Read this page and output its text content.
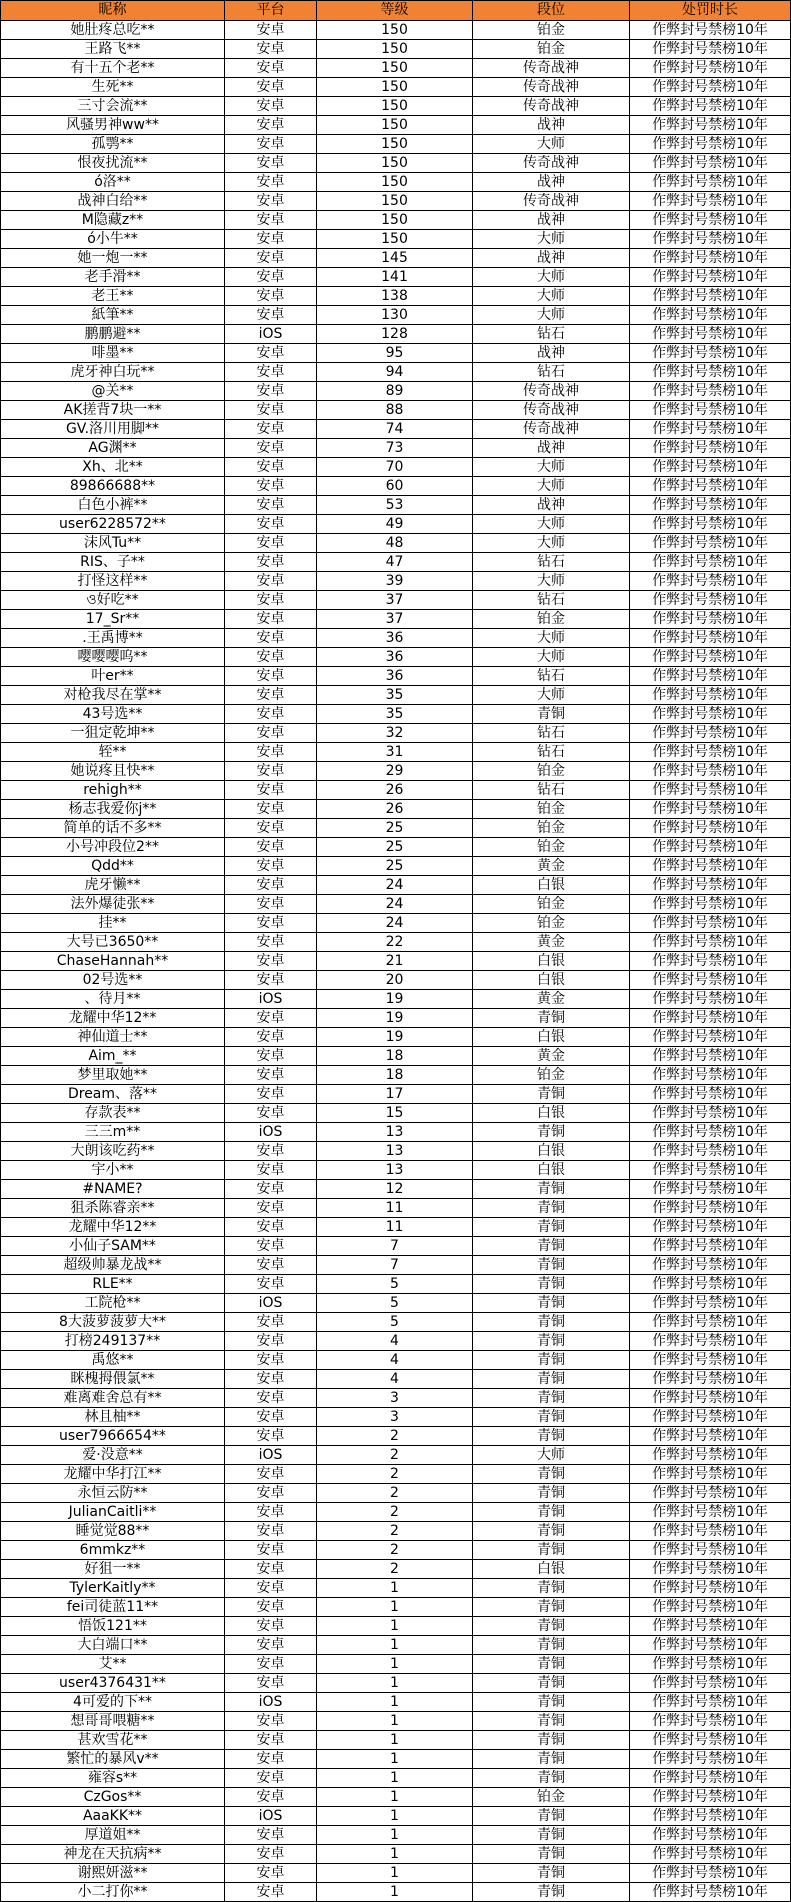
昵称	平台	等级	段位	处罚时长
她肚疼总吃**	安卓	150	铂金	作弊封号禁榜10年
王路飞**	安卓	150	铂金	作弊封号禁榜10年
有十五个老**	安卓	150	传奇战神	作弊封号禁榜10年
生死**	安卓	150	传奇战神	作弊封号禁榜10年
三寸会流**	安卓	150	传奇战神	作弊封号禁榜10年
风骚男神ww**	安卓	150	战神	作弊封号禁榜10年
孤鹗**	安卓	150	大师	作弊封号禁榜10年
恨夜扰流**	安卓	150	传奇战神	作弊封号禁榜10年
ó洛**	安卓	150	战神	作弊封号禁榜10年
战神白给**	安卓	150	传奇战神	作弊封号禁榜10年
M隐藏z**	安卓	150	战神	作弊封号禁榜10年
ó小牛**	安卓	150	大师	作弊封号禁榜10年
她一炮一**	安卓	145	战神	作弊封号禁榜10年
老手滑**	安卓	141	大师	作弊封号禁榜10年
老王**	安卓	138	大师	作弊封号禁榜10年
紙筆**	安卓	130	大师	作弊封号禁榜10年
鹏鹏避**	iOS	128	钻石	作弊封号禁榜10年
啡墨**	安卓	95	战神	作弊封号禁榜10年
虎牙神白玩**	安卓	94	钻石	作弊封号禁榜10年
@关**	安卓	89	传奇战神	作弊封号禁榜10年
AK搓背7块一**	安卓	88	传奇战神	作弊封号禁榜10年
GV.洛川用脚**	安卓	74	传奇战神	作弊封号禁榜10年
AG渊**	安卓	73	战神	作弊封号禁榜10年
Xh、北**	安卓	70	大师	作弊封号禁榜10年
89866688**	安卓	60	大师	作弊封号禁榜10年
白色小裤**	安卓	53	战神	作弊封号禁榜10年
user6228572**	安卓	49	大师	作弊封号禁榜10年
沫风Tu**	安卓	48	大师	作弊封号禁榜10年
RIS、子**	安卓	47	钻石	作弊封号禁榜10年
打怪这样**	安卓	39	大师	作弊封号禁榜10年
ও好吃**	安卓	37	钻石	作弊封号禁榜10年
17_Sr**	安卓	37	铂金	作弊封号禁榜10年
.王禹博**	安卓	36	大师	作弊封号禁榜10年
嘤嘤嘤呜**	安卓	36	大师	作弊封号禁榜10年
叶er**	安卓	36	钻石	作弊封号禁榜10年
对枪我尽在掌**	安卓	35	大师	作弊封号禁榜10年
43号选**	安卓	35	青铜	作弊封号禁榜10年
一狙定乾坤**	安卓	32	钻石	作弊封号禁榜10年
轾**	安卓	31	钻石	作弊封号禁榜10年
她说疼且快**	安卓	29	铂金	作弊封号禁榜10年
rehigh**	安卓	26	钻石	作弊封号禁榜10年
杨志我爱你j**	安卓	26	铂金	作弊封号禁榜10年
简单的话不多**	安卓	25	铂金	作弊封号禁榜10年
小号冲段位2**	安卓	25	铂金	作弊封号禁榜10年
Qdd**	安卓	25	黄金	作弊封号禁榜10年
虎牙懒**	安卓	24	白银	作弊封号禁榜10年
法外爆徒张**	安卓	24	铂金	作弊封号禁榜10年
挂**	安卓	24	铂金	作弊封号禁榜10年
大号已3650**	安卓	22	黄金	作弊封号禁榜10年
ChaseHannah**	安卓	21	白银	作弊封号禁榜10年
02号选**	安卓	20	白银	作弊封号禁榜10年
、待月**	iOS	19	黄金	作弊封号禁榜10年
龙耀中华12**	安卓	19	青铜	作弊封号禁榜10年
神仙道士**	安卓	19	白银	作弊封号禁榜10年
Aim_**	安卓	18	黄金	作弊封号禁榜10年
梦里取她**	安卓	18	铂金	作弊封号禁榜10年
Dream、落**	安卓	17	青铜	作弊封号禁榜10年
存款表**	安卓	15	白银	作弊封号禁榜10年
三三m**	iOS	13	青铜	作弊封号禁榜10年
大朗该吃药**	安卓	13	白银	作弊封号禁榜10年
宇小**	安卓	13	白银	作弊封号禁榜10年
#NAME?	安卓	12	青铜	作弊封号禁榜10年
狙杀陈睿亲**	安卓	11	青铜	作弊封号禁榜10年
龙耀中华12**	安卓	11	青铜	作弊封号禁榜10年
小仙子SAM**	安卓	7	青铜	作弊封号禁榜10年
超级帅暴龙战**	安卓	7	青铜	作弊封号禁榜10年
RLE**	安卓	5	青铜	作弊封号禁榜10年
工院枪**	iOS	5	青铜	作弊封号禁榜10年
8大菠萝菠萝大**	安卓	5	青铜	作弊封号禁榜10年
打榜249137**	安卓	4	青铜	作弊封号禁榜10年
禹悠**	安卓	4	青铜	作弊封号禁榜10年
眯槐拇偎氯**	安卓	4	青铜	作弊封号禁榜10年
难离难舍总有**	安卓	3	青铜	作弊封号禁榜10年
林且柚**	安卓	3	青铜	作弊封号禁榜10年
user7966654**	安卓	2	青铜	作弊封号禁榜10年
爱·没意**	iOS	2	大师	作弊封号禁榜10年
龙耀中华打江**	安卓	2	青铜	作弊封号禁榜10年
永恒云防**	安卓	2	青铜	作弊封号禁榜10年
JulianCaitli**	安卓	2	青铜	作弊封号禁榜10年
睡觉觉88**	安卓	2	青铜	作弊封号禁榜10年
6mmkz**	安卓	2	青铜	作弊封号禁榜10年
好狙一**	安卓	2	白银	作弊封号禁榜10年
TylerKaitly**	安卓	1	青铜	作弊封号禁榜10年
fei司徒蓝11**	安卓	1	青铜	作弊封号禁榜10年
悟饭121**	安卓	1	青铜	作弊封号禁榜10年
大白端口**	安卓	1	青铜	作弊封号禁榜10年
艾**	安卓	1	青铜	作弊封号禁榜10年
user4376431**	安卓	1	青铜	作弊封号禁榜10年
4可爱的下**	iOS	1	青铜	作弊封号禁榜10年
想哥哥喂糖**	安卓	1	青铜	作弊封号禁榜10年
甚欢雪花**	安卓	1	青铜	作弊封号禁榜10年
繁忙的暴风v**	安卓	1	青铜	作弊封号禁榜10年
雍容s**	安卓	1	青铜	作弊封号禁榜10年
CzGos**	安卓	1	铂金	作弊封号禁榜10年
AaaKK**	iOS	1	青铜	作弊封号禁榜10年
厚道姐**	安卓	1	青铜	作弊封号禁榜10年
神龙在天抗病**	安卓	1	青铜	作弊封号禁榜10年
谢熙妍滋**	安卓	1	青铜	作弊封号禁榜10年
小二打你**	安卓	1	青铜	作弊封号禁榜10年
